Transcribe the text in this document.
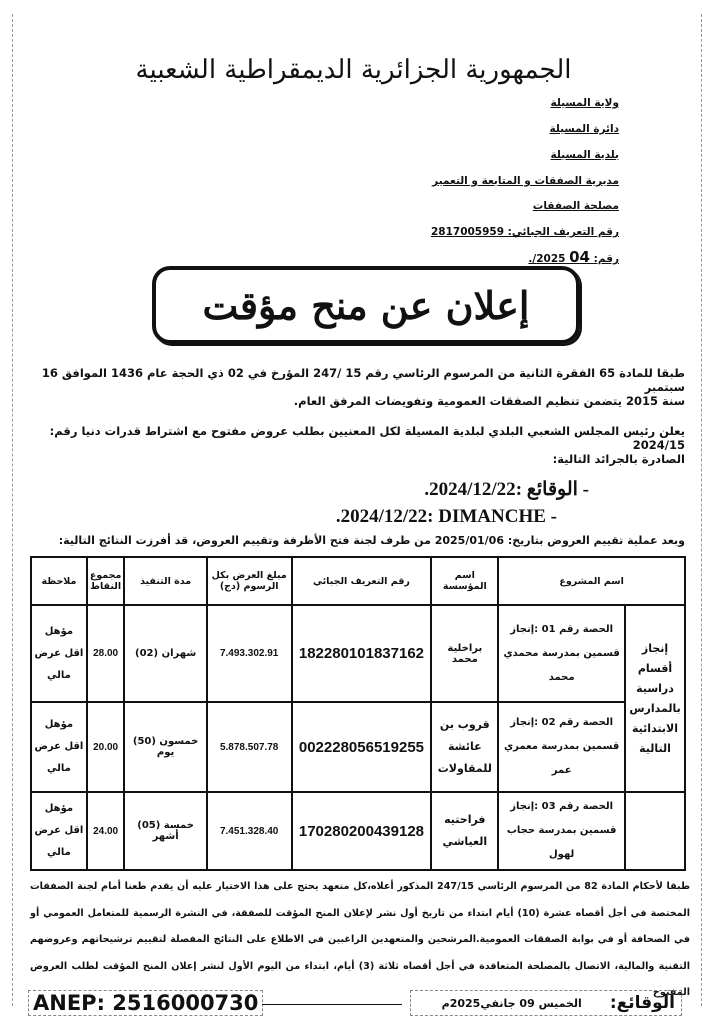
الجمهورية الجزائرية الديمقراطية الشعبية
ولاية المسيلة
دائرة المسيلة
بلدية المسيلة
مديرية الصفقات و المتابعة و التعمير
مصلحة الصفقات
رقم التعريف الجبائي: 2817005959
رقم: 04 2025/.
إعلان عن منح مؤقت
طبقا للمادة 65 الفقرة الثانية من المرسوم الرئاسي رقم 15 /247 المؤرخ في 02 ذي الحجة عام 1436 الموافق 16 سبتمبر
سنة 2015 يتضمن تنظيم الصفقات العمومية وتفويضات المرفق العام.
يعلن رئيس المجلس الشعبي البلدي لبلدية المسيلة لكل المعنيين بطلب عروض مفتوح مع اشتراط قدرات دنيا رقم: 2024/15
الصادرة بالجرائد التالية:
- الوقائع :2024/12/22.
.2024/12/22: DIMANCHE -
وبعد عملية تقييم العروض بتاريخ: 2025/01/06 من طرف لجنة فتح الأظرفة وتقييم العروض، قد أفرزت النتائج التالية:
اسم المشروع		اسم المؤسسة	رقم التعريف الجبائي	مبلغ العرض بكل الرسوم (دج)	مدة التنفيذ	مجموع النقاط	ملاحظة
إنجاز أقسام دراسية بالمدارس الابتدائية التالية	الحصة رقم 01 :إنجاز قسمين بمدرسة محمدي محمد	براخلية محمد	182280101837162	7.493.302.91	شهران (02)	28.00	مؤهل اقل عرض مالي
	الحصة رقم 02 :إنجاز قسمين بمدرسة معمري عمر	قروب بن عائشة للمقاولات	002228056519255	5.878.507.78	خمسون (50) يوم	20.00	مؤهل اقل عرض مالي
	الحصة رقم 03 :إنجاز قسمين بمدرسة حجاب لهول	فراحتيه العياشي	170280200439128	7.451.328.40	خمسة (05) أشهر	24.00	مؤهل اقل عرض مالي
طبقا لأحكام المادة 82 من المرسوم الرئاسي 247/15 المذكور أعلاه،كل متعهد يحتج على هذا الاختيار عليه أن يقدم طعنا أمام لجنة الصفقات المختصة في أجل أقصاه عشرة (10) أيام ابتداء من تاريخ أول نشر لإعلان المنح المؤقت للصفقة، في النشرة الرسمية للمتعامل العمومي أو في الصحافة أو في بوابة الصفقات العمومية.المرشحين والمتعهدين الراغبين في الاطلاع على النتائج المفصلة لتقييم ترشيحاتهم وعروضهم التقنية والمالية، الاتصال بالمصلحة المتعاقدة في أجل أقصاه ثلاثة (3) أيام، ابتداء من اليوم الأول لنشر إعلان المنح المؤقت لطلب العروض المفتوح
ANEP: 2516000730	الوقائع:
الخميس 09 جانفي2025م
